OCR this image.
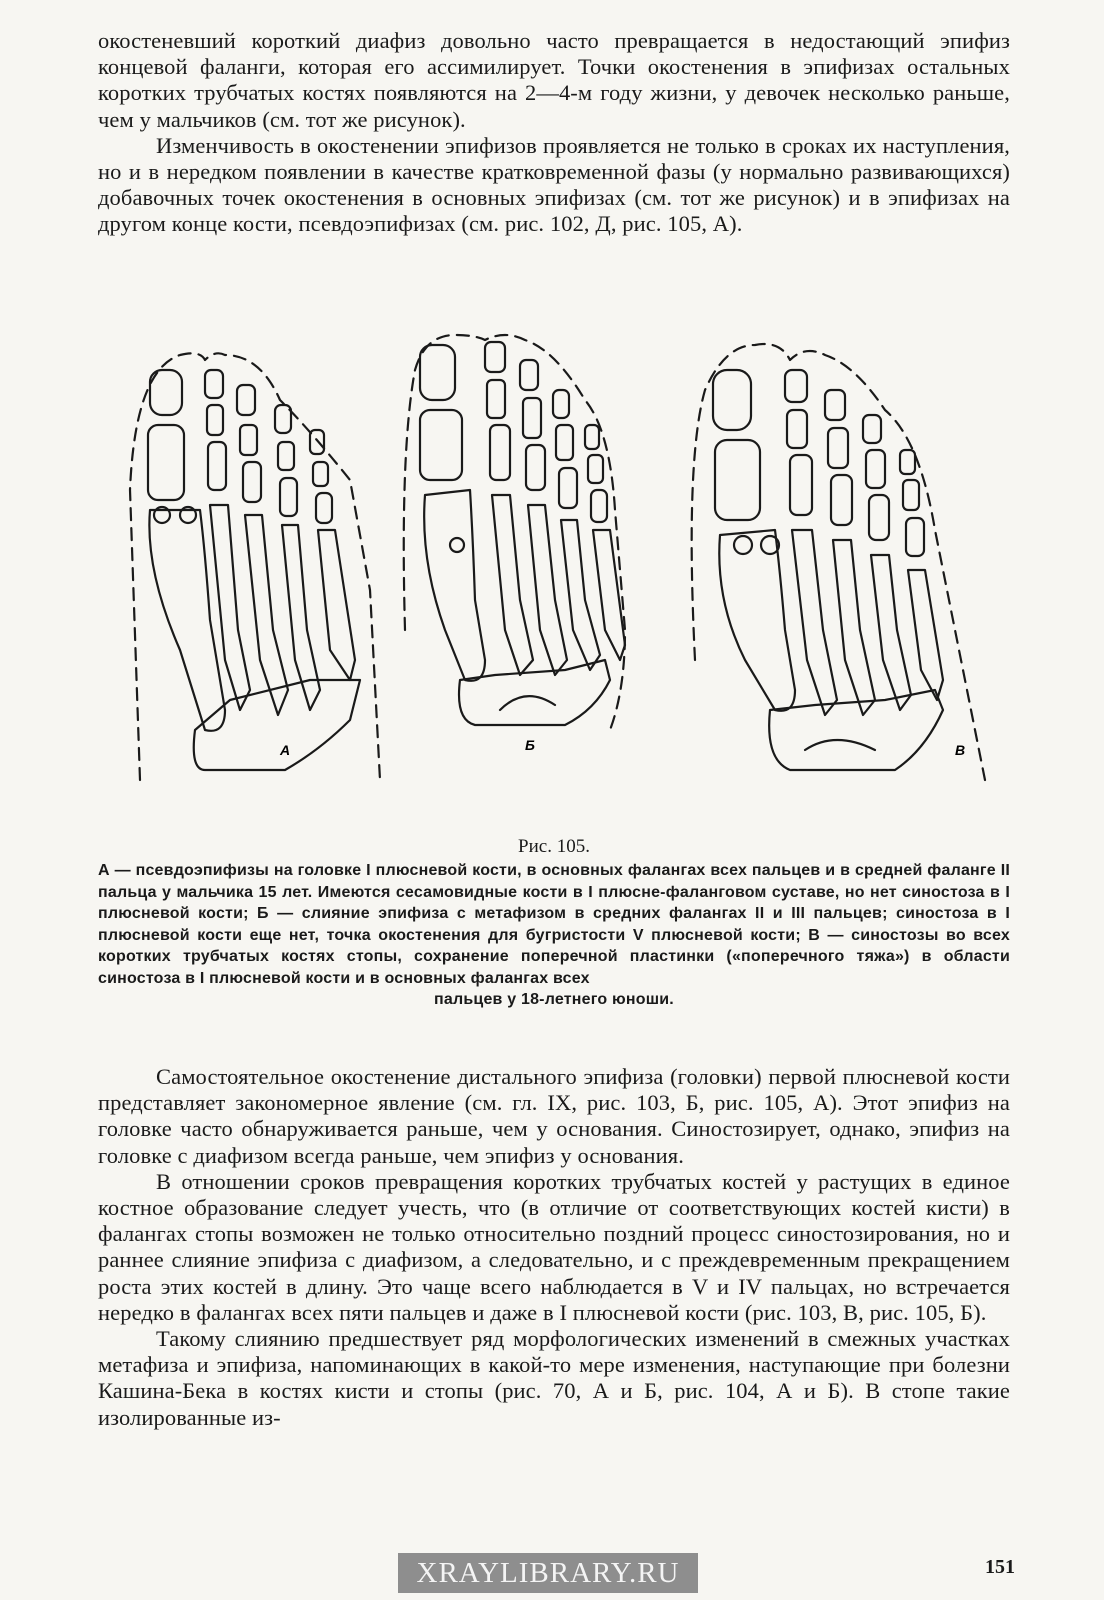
окостеневший короткий диафиз довольно часто превращается в недостающий эпифиз концевой фаланги, которая его ассимилирует. Точки окостенения в эпифизах остальных коротких трубчатых костях появляются на 2—4-м году жизни, у девочек несколько раньше, чем у мальчиков (см. тот же рисунок).

Изменчивость в окостенении эпифизов проявляется не только в сроках их наступления, но и в нередком появлении в качестве кратковременной фазы (у нормально развивающихся) добавочных точек окостенения в основных эпифизах (см. тот же рисунок) и в эпифизах на другом конце кости, псевдоэпифизах (см. рис. 102, Д, рис. 105, А).

А	Б	В
Рис. 105.
А — псевдоэпифизы на головке I плюсневой кости, в основных фалангах всех пальцев и в средней фаланге II пальца у мальчика 15 лет. Имеются сесамовидные кости в I плюсне-фаланговом суставе, но нет синостоза в I плюсневой кости; Б — слияние эпифиза с метафизом в средних фалангах II и III пальцев; синостоза в I плюсневой кости еще нет, точка окостенения для бугристости V плюсневой кости; В — синостозы во всех коротких трубчатых костях стопы, сохранение поперечной пластинки («поперечного тяжа») в области синостоза в I плюсневой кости и в основных фалангах всех
пальцев у 18-летнего юноши.

Самостоятельное окостенение дистального эпифиза (головки) первой плюсневой кости представляет закономерное явление (см. гл. IX, рис. 103, Б, рис. 105, А). Этот эпифиз на головке часто обнаруживается раньше, чем у основания. Синостозирует, однако, эпифиз на головке с диафизом всегда раньше, чем эпифиз у основания.

В отношении сроков превращения коротких трубчатых костей у растущих в единое костное образование следует учесть, что (в отличие от соответствующих костей кисти) в фалангах стопы возможен не только относительно поздний процесс синостозирования, но и раннее слияние эпифиза с диафизом, а следовательно, и с преждевременным прекращением роста этих костей в длину. Это чаще всего наблюдается в V и IV пальцах, но встречается нередко в фалангах всех пяти пальцев и даже в I плюсневой кости (рис. 103, В, рис. 105, Б).

Такому слиянию предшествует ряд морфологических изменений в смежных участках метафиза и эпифиза, напоминающих в какой-то мере изменения, наступающие при болезни Кашина-Бека в костях кисти и стопы (рис. 70, А и Б, рис. 104, А и Б). В стопе такие изолированные из-

XRAYLIBRARY.RU	151
